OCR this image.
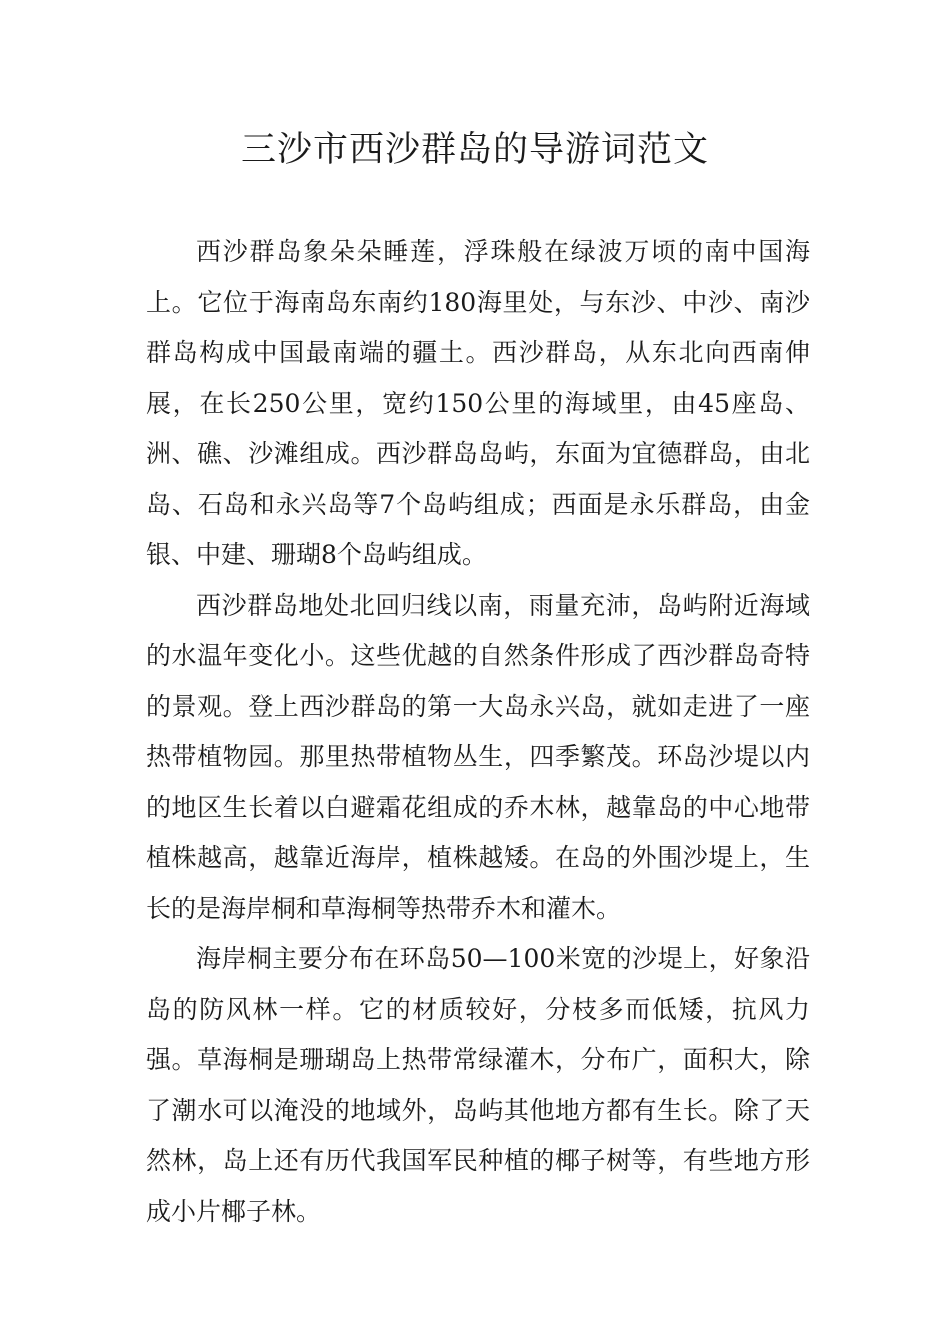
三沙市西沙群岛的导游词范文

西沙群岛象朵朵睡莲，浮珠般在绿波万顷的南中国海上。它位于海南岛东南约180海里处，与东沙、中沙、南沙群岛构成中国最南端的疆土。西沙群岛，从东北向西南伸展，在长250公里，宽约150公里的海域里，由45座岛、洲、礁、沙滩组成。西沙群岛岛屿，东面为宜德群岛，由北岛、石岛和永兴岛等7个岛屿组成；西面是永乐群岛，由金银、中建、珊瑚8个岛屿组成。

西沙群岛地处北回归线以南，雨量充沛，岛屿附近海域的水温年变化小。这些优越的自然条件形成了西沙群岛奇特的景观。登上西沙群岛的第一大岛永兴岛，就如走进了一座热带植物园。那里热带植物丛生，四季繁茂。环岛沙堤以内的地区生长着以白避霜花组成的乔木林，越靠岛的中心地带植株越高，越靠近海岸，植株越矮。在岛的外围沙堤上，生长的是海岸桐和草海桐等热带乔木和灌木。

海岸桐主要分布在环岛50—100米宽的沙堤上，好象沿岛的防风林一样。它的材质较好，分枝多而低矮，抗风力强。草海桐是珊瑚岛上热带常绿灌木，分布广，面积大，除了潮水可以淹没的地域外，岛屿其他地方都有生长。除了天然林，岛上还有历代我国军民种植的椰子树等，有些地方形成小片椰子林。
